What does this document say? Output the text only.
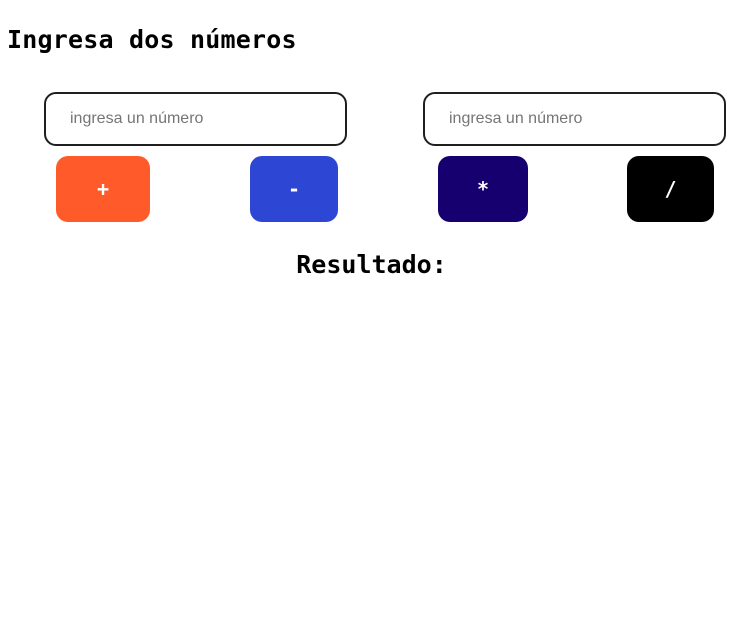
Ingresa dos números
ingresa un número
ingresa un número
+	-	*	/
Resultado:
